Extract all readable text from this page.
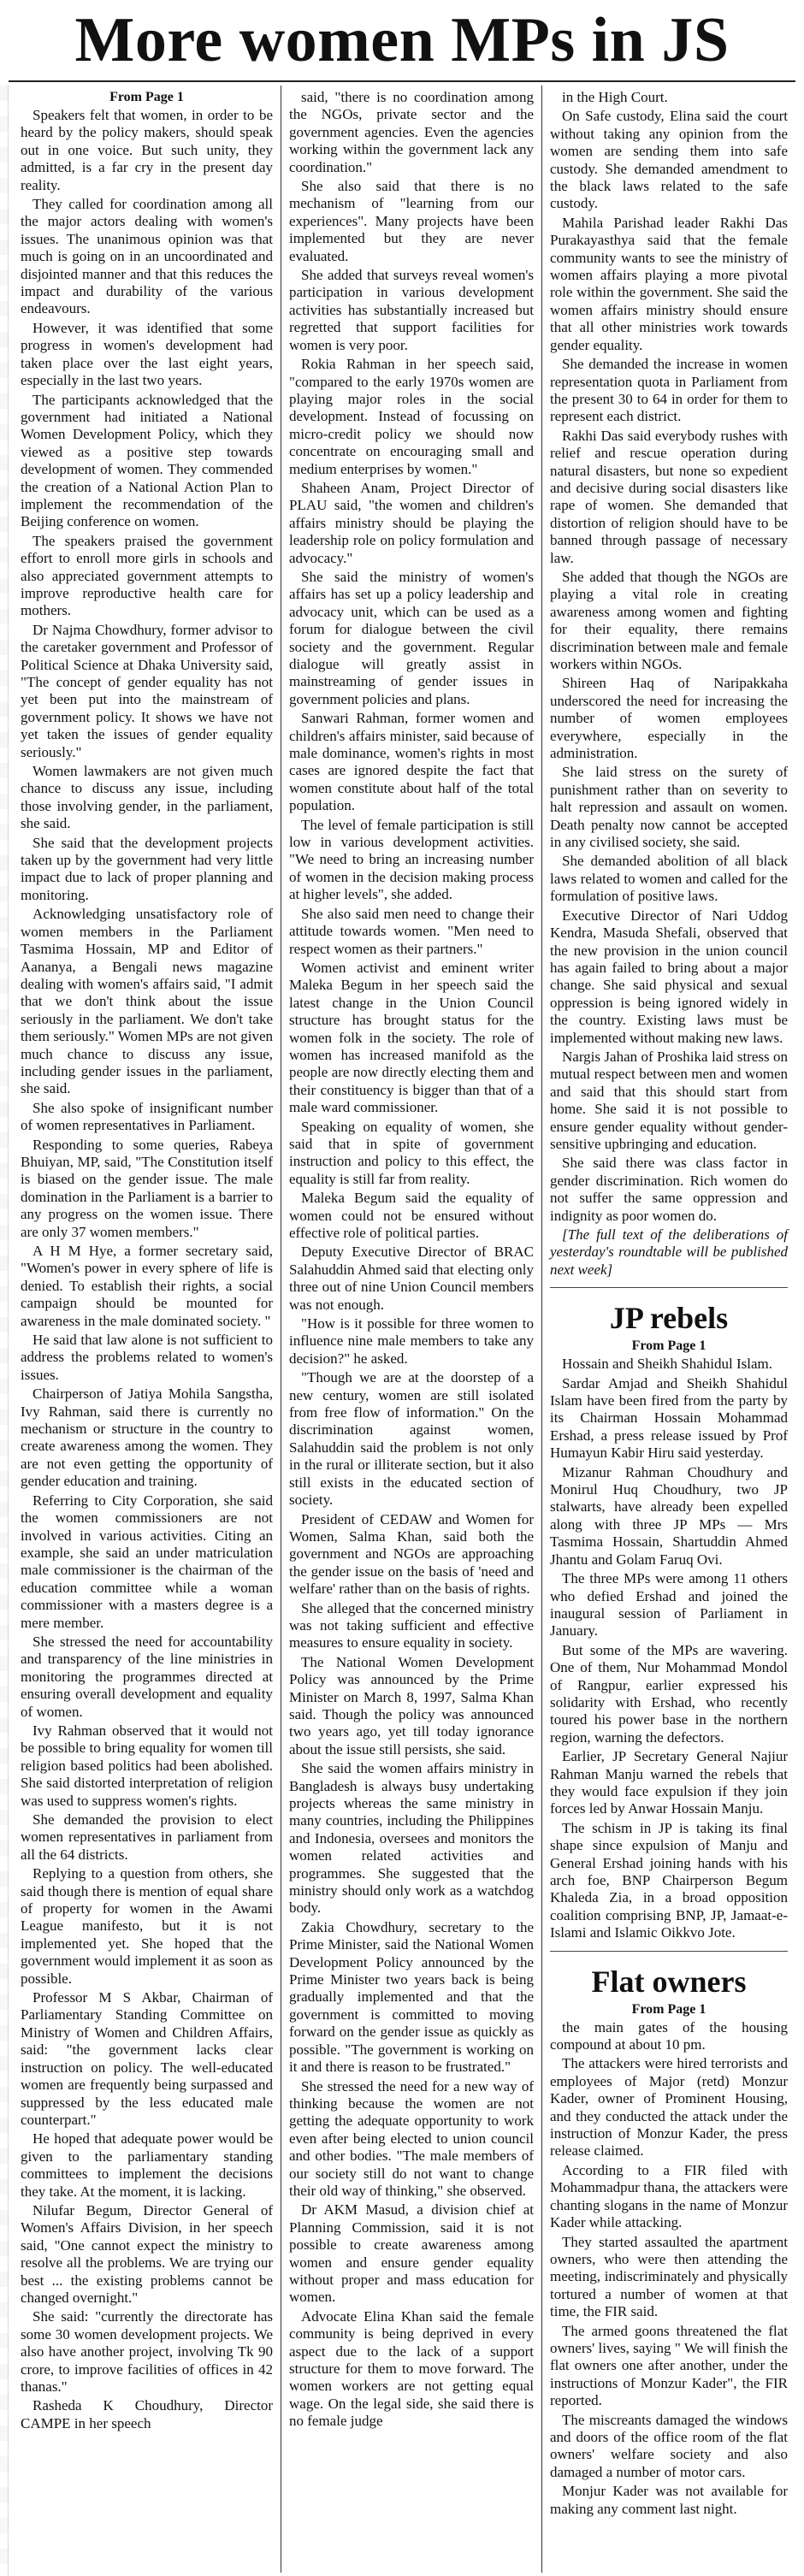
More women MPs in JS
From Page 1

Speakers felt that women, in order to be heard by the policy makers, should speak out in one voice. But such unity, they admitted, is a far cry in the present day reality.

They called for coordination among all the major actors dealing with women's issues. The unanimous opinion was that much is going on in an uncoordinated and disjointed manner and that this reduces the impact and durability of the various endeavours.

However, it was identified that some progress in women's development had taken place over the last eight years, especially in the last two years.

The participants acknowledged that the government had initiated a National Women Development Policy, which they viewed as a positive step towards development of women. They commended the creation of a National Action Plan to implement the recommendation of the Beijing conference on women.

The speakers praised the government effort to enroll more girls in schools and also appreciated government attempts to improve reproductive health care for mothers.

Dr Najma Chowdhury, former advisor to the caretaker government and Professor of Political Science at Dhaka University said, "The concept of gender equality has not yet been put into the mainstream of government policy. It shows we have not yet taken the issues of gender equality seriously."

Women lawmakers are not given much chance to discuss any issue, including those involving gender, in the parliament, she said.

She said that the development projects taken up by the government had very little impact due to lack of proper planning and monitoring.

Acknowledging unsatisfactory role of women members in the Parliament Tasmima Hossain, MP and Editor of Aananya, a Bengali news magazine dealing with women's affairs said, "I admit that we don't think about the issue seriously in the parliament. We don't take them seriously." Women MPs are not given much chance to discuss any issue, including gender issues in the parliament, she said.

She also spoke of insignificant number of women representatives in Parliament.

Responding to some queries, Rabeya Bhuiyan, MP, said, "The Constitution itself is biased on the gender issue. The male domination in the Parliament is a barrier to any progress on the women issue. There are only 37 women members."

A H M Hye, a former secretary said, "Women's power in every sphere of life is denied. To establish their rights, a social campaign should be mounted for awareness in the male dominated society. "

He said that law alone is not sufficient to address the problems related to women's issues.

Chairperson of Jatiya Mohila Sangstha, Ivy Rahman, said there is currently no mechanism or structure in the country to create awareness among the women. They are not even getting the opportunity of gender education and training.

Referring to City Corporation, she said the women commissioners are not involved in various activities. Citing an example, she said an under matriculation male commissioner is the chairman of the education committee while a woman commissioner with a masters degree is a mere member.

She stressed the need for accountability and transparency of the line ministries in monitoring the programmes directed at ensuring overall development and equality of women.

Ivy Rahman observed that it would not be possible to bring equality for women till religion based politics had been abolished. She said distorted interpretation of religion was used to suppress women's rights.

She demanded the provision to elect women representatives in parliament from all the 64 districts.

Replying to a question from others, she said though there is mention of equal share of property for women in the Awami League manifesto, but it is not implemented yet. She hoped that the government would implement it as soon as possible.

Professor M S Akbar, Chairman of Parliamentary Standing Committee on Ministry of Women and Children Affairs, said: "the government lacks clear instruction on policy. The well-educated women are frequently being surpassed and suppressed by the less educated male counterpart."

He hoped that adequate power would be given to the parliamentary standing committees to implement the decisions they take. At the moment, it is lacking.

Nilufar Begum, Director General of Women's Affairs Division, in her speech said, "One cannot expect the ministry to resolve all the problems. We are trying our best ... the existing problems cannot be changed overnight."

She said: "currently the directorate has some 30 women development projects. We also have another project, involving Tk 90 crore, to improve facilities of offices in 42 thanas."

Rasheda K Choudhury, Director CAMPE in her speech

said, "there is no coordination among the NGOs, private sector and the government agencies. Even the agencies working within the government lack any coordination."

She also said that there is no mechanism of "learning from our experiences". Many projects have been implemented but they are never evaluated.

She added that surveys reveal women's participation in various development activities has substantially increased but regretted that support facilities for women is very poor.

Rokia Rahman in her speech said, "compared to the early 1970s women are playing major roles in the social development. Instead of focussing on micro-credit policy we should now concentrate on encouraging small and medium enterprises by women."

Shaheen Anam, Project Director of PLAU said, "the women and children's affairs ministry should be playing the leadership role on policy formulation and advocacy."

She said the ministry of women's affairs has set up a policy leadership and advocacy unit, which can be used as a forum for dialogue between the civil society and the government. Regular dialogue will greatly assist in mainstreaming of gender issues in government policies and plans.

Sanwari Rahman, former women and children's affairs minister, said because of male dominance, women's rights in most cases are ignored despite the fact that women constitute about half of the total population.

The level of female participation is still low in various development activities. "We need to bring an increasing number of women in the decision making process at higher levels", she added.

She also said men need to change their attitude towards women. "Men need to respect women as their partners."

Women activist and eminent writer Maleka Begum in her speech said the latest change in the Union Council structure has brought status for the women folk in the society. The role of women has increased manifold as the people are now directly electing them and their constituency is bigger than that of a male ward commissioner.

Speaking on equality of women, she said that in spite of government instruction and policy to this effect, the equality is still far from reality.

Maleka Begum said the equality of women could not be ensured without effective role of political parties.

Deputy Executive Director of BRAC Salahuddin Ahmed said that electing only three out of nine Union Council members was not enough.

"How is it possible for three women to influence nine male members to take any decision?" he asked.

"Though we are at the doorstep of a new century, women are still isolated from free flow of information." On the discrimination against women, Salahuddin said the problem is not only in the rural or illiterate section, but it also still exists in the educated section of society.

President of CEDAW and Women for Women, Salma Khan, said both the government and NGOs are approaching the gender issue on the basis of 'need and welfare' rather than on the basis of rights.

She alleged that the concerned ministry was not taking sufficient and effective measures to ensure equality in society.

The National Women Development Policy was announced by the Prime Minister on March 8, 1997, Salma Khan said. Though the policy was announced two years ago, yet till today ignorance about the issue still persists, she said.

She said the women affairs ministry in Bangladesh is always busy undertaking projects whereas the same ministry in many countries, including the Philippines and Indonesia, oversees and monitors the women related activities and programmes. She suggested that the ministry should only work as a watchdog body.

Zakia Chowdhury, secretary to the Prime Minister, said the National Women Development Policy announced by the Prime Minister two years back is being gradually implemented and that the government is committed to moving forward on the gender issue as quickly as possible. "The government is working on it and there is reason to be frustrated."

She stressed the need for a new way of thinking because the women are not getting the adequate opportunity to work even after being elected to union council and other bodies. "The male members of our society still do not want to change their old way of thinking," she observed.

Dr AKM Masud, a division chief at Planning Commission, said it is not possible to create awareness among women and ensure gender equality without proper and mass education for women.

Advocate Elina Khan said the female community is being deprived in every aspect due to the lack of a support structure for them to move forward. The women workers are not getting equal wage. On the legal side, she said there is no female judge

in the High Court.

On Safe custody, Elina said the court without taking any opinion from the women are sending them into safe custody. She demanded amendment to the black laws related to the safe custody.

Mahila Parishad leader Rakhi Das Purakayasthya said that the female community wants to see the ministry of women affairs playing a more pivotal role within the government. She said the women affairs ministry should ensure that all other ministries work towards gender equality.

She demanded the increase in women representation quota in Parliament from the present 30 to 64 in order for them to represent each district.

Rakhi Das said everybody rushes with relief and rescue operation during natural disasters, but none so expedient and decisive during social disasters like rape of women. She demanded that distortion of religion should have to be banned through passage of necessary law.

She added that though the NGOs are playing a vital role in creating awareness among women and fighting for their equality, there remains discrimination between male and female workers within NGOs.

Shireen Haq of Naripakkaha underscored the need for increasing the number of women employees everywhere, especially in the administration.

She laid stress on the surety of punishment rather than on severity to halt repression and assault on women. Death penalty now cannot be accepted in any civilised society, she said.

She demanded abolition of all black laws related to women and called for the formulation of positive laws.

Executive Director of Nari Uddog Kendra, Masuda Shefali, observed that the new provision in the union council has again failed to bring about a major change. She said physical and sexual oppression is being ignored widely in the country. Existing laws must be implemented without making new laws.

Nargis Jahan of Proshika laid stress on mutual respect between men and women and said that this should start from home. She said it is not possible to ensure gender equality without gender-sensitive upbringing and education.

She said there was class factor in gender discrimination. Rich women do not suffer the same oppression and indignity as poor women do.

[The full text of the deliberations of yesterday's roundtable will be published next week]

JP rebels
From Page 1

Hossain and Sheikh Shahidul Islam.

Sardar Amjad and Sheikh Shahidul Islam have been fired from the party by its Chairman Hossain Mohammad Ershad, a press release issued by Prof Humayun Kabir Hiru said yesterday.

Mizanur Rahman Choudhury and Monirul Huq Choudhury, two JP stalwarts, have already been expelled along with three JP MPs — Mrs Tasmima Hossain, Shartuddin Ahmed Jhantu and Golam Faruq Ovi.

The three MPs were among 11 others who defied Ershad and joined the inaugural session of Parliament in January.

But some of the MPs are wavering. One of them, Nur Mohammad Mondol of Rangpur, earlier expressed his solidarity with Ershad, who recently toured his power base in the northern region, warning the defectors.

Earlier, JP Secretary General Najiur Rahman Manju warned the rebels that they would face expulsion if they join forces led by Anwar Hossain Manju.

The schism in JP is taking its final shape since expulsion of Manju and General Ershad joining hands with his arch foe, BNP Chairperson Begum Khaleda Zia, in a broad opposition coalition comprising BNP, JP, Jamaat-e-Islami and Islamic Oikkvo Jote.

Flat owners
From Page 1

the main gates of the housing compound at about 10 pm.

The attackers were hired terrorists and employees of Major (retd) Monzur Kader, owner of Prominent Housing, and they conducted the attack under the instruction of Monzur Kader, the press release claimed.

According to a FIR filed with Mohammadpur thana, the attackers were chanting slogans in the name of Monzur Kader while attacking.

They started assaulted the apartment owners, who were then attending the meeting, indiscriminately and physically tortured a number of women at that time, the FIR said.

The armed goons threatened the flat owners' lives, saying " We will finish the flat owners one after another, under the instructions of Monzur Kader", the FIR reported.

The miscreants damaged the windows and doors of the office room of the flat owners' welfare society and also damaged a number of motor cars.

Monjur Kader was not available for making any comment last night.
